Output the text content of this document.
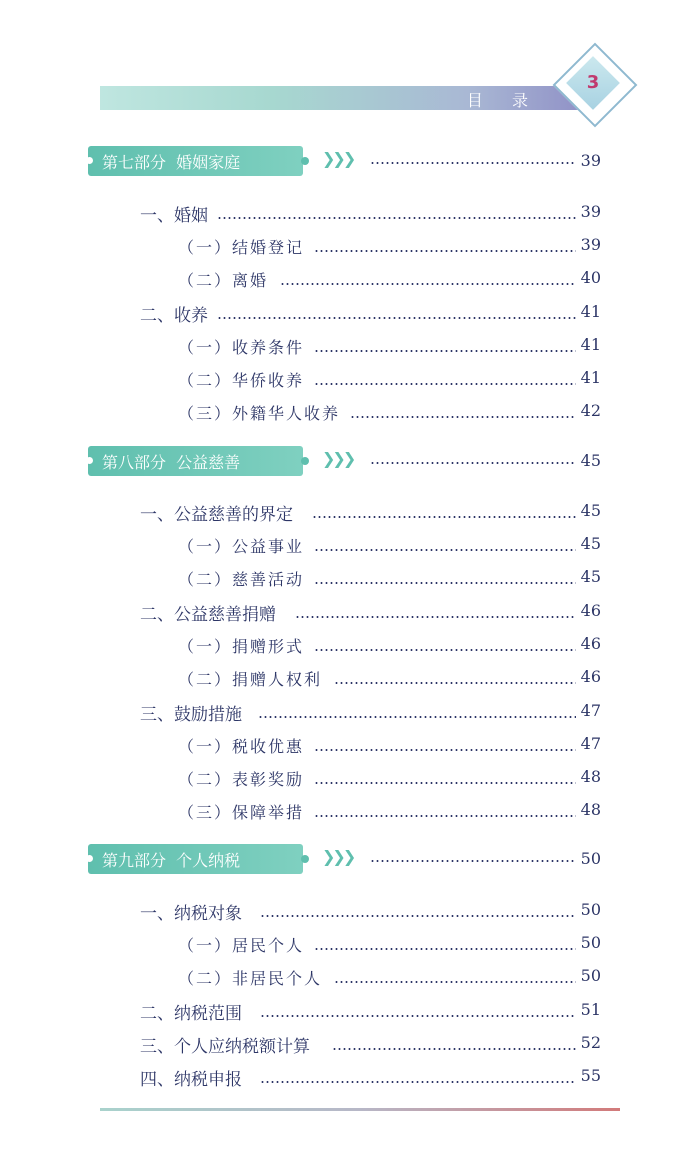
目 录
3
第七部分  婚姻家庭	❯❯❯	39
一、婚姻	39
（一）结婚登记	39
（二）离婚	40
二、收养	41
（一）收养条件	41
（二）华侨收养	41
（三）外籍华人收养	42
第八部分  公益慈善	❯❯❯	45
一、公益慈善的界定	45
（一）公益事业	45
（二）慈善活动	45
二、公益慈善捐赠	46
（一）捐赠形式	46
（二）捐赠人权利	46
三、鼓励措施	47
（一）税收优惠	47
（二）表彰奖励	48
（三）保障举措	48
第九部分  个人纳税	❯❯❯	50
一、纳税对象	50
（一）居民个人	50
（二）非居民个人	50
二、纳税范围	51
三、个人应纳税额计算	52
四、纳税申报	55
